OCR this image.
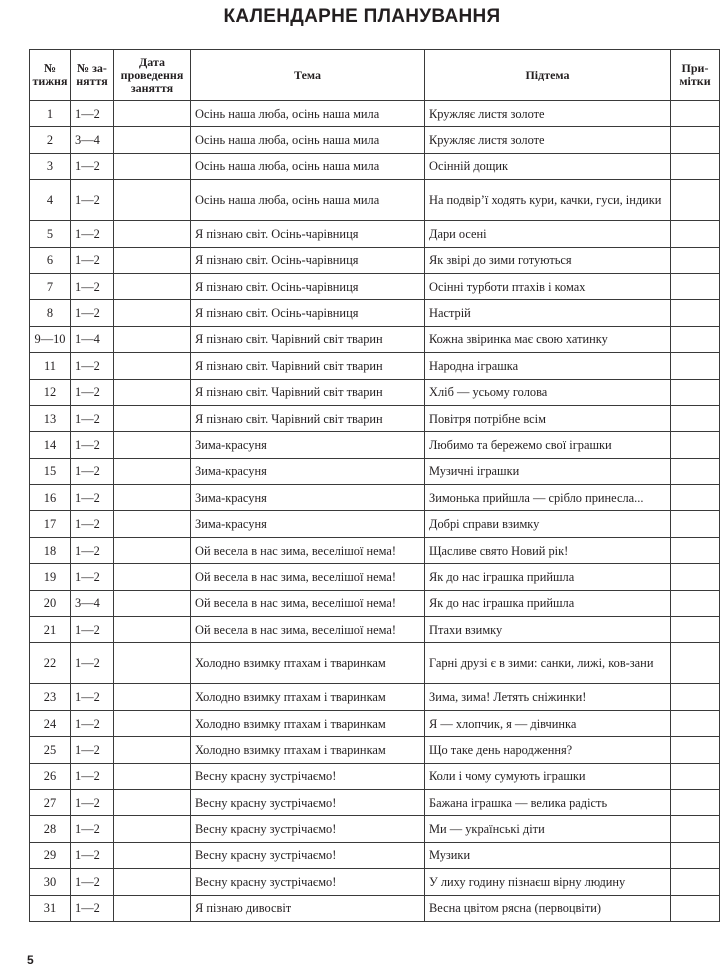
КАЛЕНДАРНЕ ПЛАНУВАННЯ
№ тижня	№ за-няття	Дата проведення заняття	Тема	Підтема	При-мітки
1	1—2		Осінь наша люба, осінь наша мила	Кружляє листя золоте	
2	3—4		Осінь наша люба, осінь наша мила	Кружляє листя золоте	
3	1—2		Осінь наша люба, осінь наша мила	Осінній дощик	
4	1—2		Осінь наша люба, осінь наша мила	На подвір’ї ходять кури, качки, гуси, індики	
5	1—2		Я пізнаю світ. Осінь-чарівниця	Дари осені	
6	1—2		Я пізнаю світ. Осінь-чарівниця	Як звірі до зими готуються	
7	1—2		Я пізнаю світ. Осінь-чарівниця	Осінні турботи птахів і комах	
8	1—2		Я пізнаю світ. Осінь-чарівниця	Настрій	
9—10	1—4		Я пізнаю світ. Чарівний світ тварин	Кожна звіринка має свою хатинку	
11	1—2		Я пізнаю світ. Чарівний світ тварин	Народна іграшка	
12	1—2		Я пізнаю світ. Чарівний світ тварин	Хліб — усьому голова	
13	1—2		Я пізнаю світ. Чарівний світ тварин	Повітря потрібне всім	
14	1—2		Зима-красуня	Любимо та бережемо свої іграшки	
15	1—2		Зима-красуня	Музичні іграшки	
16	1—2		Зима-красуня	Зимонька прийшла — срібло принесла...	
17	1—2		Зима-красуня	Добрі справи взимку	
18	1—2		Ой весела в нас зима, веселішої нема!	Щасливе свято Новий рік!	
19	1—2		Ой весела в нас зима, веселішої нема!	Як до нас іграшка прийшла	
20	3—4		Ой весела в нас зима, веселішої нема!	Як до нас іграшка прийшла	
21	1—2		Ой весела в нас зима, веселішої нема!	Птахи взимку	
22	1—2		Холодно взимку птахам і тваринкам	Гарні друзі є в зими: санки, лижі, ков-зани	
23	1—2		Холодно взимку птахам і тваринкам	Зима, зима! Летять сніжинки!	
24	1—2		Холодно взимку птахам і тваринкам	Я — хлопчик, я — дівчинка	
25	1—2		Холодно взимку птахам і тваринкам	Що таке день народження?	
26	1—2		Весну красну зустрічаємо!	Коли і чому сумують іграшки	
27	1—2		Весну красну зустрічаємо!	Бажана іграшка — велика радість	
28	1—2		Весну красну зустрічаємо!	Ми — українські діти	
29	1—2		Весну красну зустрічаємо!	Музики	
30	1—2		Весну красну зустрічаємо!	У лиху годину пізнаєш вірну людину	
31	1—2		Я пізнаю дивосвіт	Весна цвітом рясна (первоцвіти)	
5
